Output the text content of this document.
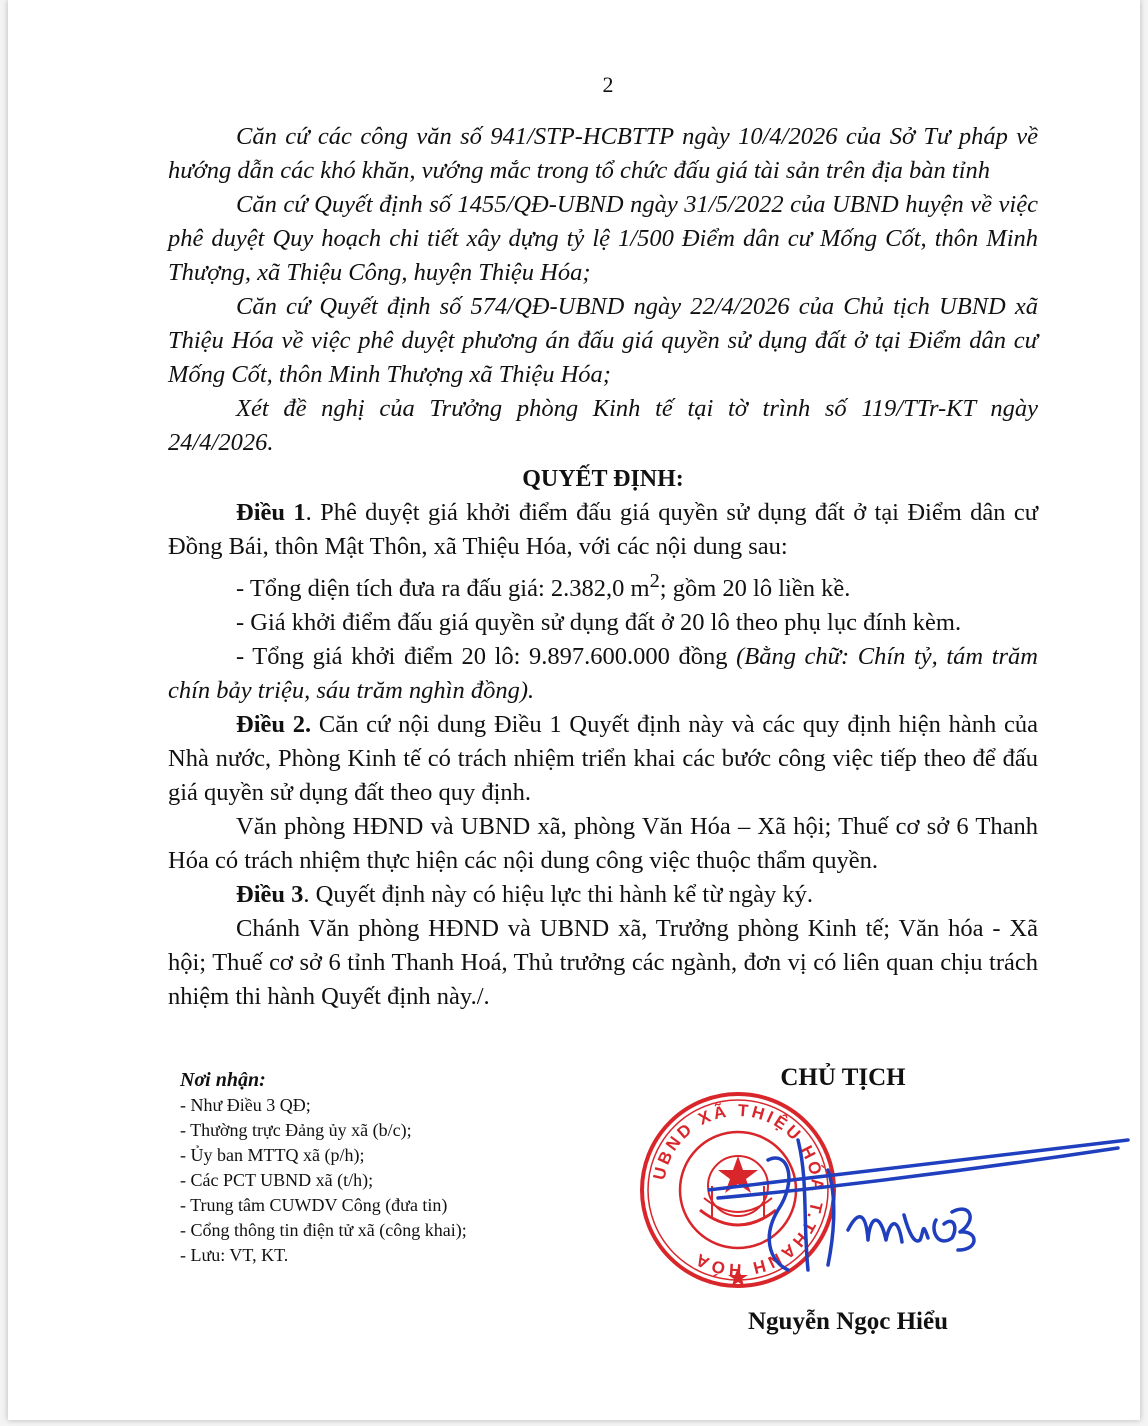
2

Căn cứ các công văn số 941/STP-HCBTTP ngày 10/4/2026 của Sở Tư pháp về hướng dẫn các khó khăn, vướng mắc trong tổ chức đấu giá tài sản trên địa bàn tỉnh

Căn cứ Quyết định số 1455/QĐ-UBND ngày 31/5/2022 của UBND huyện về việc phê duyệt Quy hoạch chi tiết xây dựng tỷ lệ 1/500 Điểm dân cư Mống Cốt, thôn Minh Thượng, xã Thiệu Công, huyện Thiệu Hóa;

Căn cứ Quyết định số 574/QĐ-UBND ngày 22/4/2026 của Chủ tịch UBND xã Thiệu Hóa về việc phê duyệt phương án đấu giá quyền sử dụng đất ở tại Điểm dân cư Mống Cốt, thôn Minh Thượng xã Thiệu Hóa;

Xét đề nghị của Trưởng phòng Kinh tế tại tờ trình số 119/TTr-KT ngày 24/4/2026.

QUYẾT ĐỊNH:

Điều 1. Phê duyệt giá khởi điểm đấu giá quyền sử dụng đất ở tại Điểm dân cư Đồng Bái, thôn Mật Thôn, xã Thiệu Hóa, với các nội dung sau:

- Tổng diện tích đưa ra đấu giá: 2.382,0 $m^2$; gồm 20 lô liền kề.

- Giá khởi điểm đấu giá quyền sử dụng đất ở 20 lô theo phụ lục đính kèm.

- Tổng giá khởi điểm 20 lô: 9.897.600.000 đồng (Bằng chữ: Chín tỷ, tám trăm chín bảy triệu, sáu trăm nghìn đồng).

Điều 2. Căn cứ nội dung Điều 1 Quyết định này và các quy định hiện hành của Nhà nước, Phòng Kinh tế có trách nhiệm triển khai các bước công việc tiếp theo để đấu giá quyền sử dụng đất theo quy định.

Văn phòng HĐND và UBND xã, phòng Văn Hóa – Xã hội; Thuế cơ sở 6 Thanh Hóa có trách nhiệm thực hiện các nội dung công việc thuộc thẩm quyền.

Điều 3. Quyết định này có hiệu lực thi hành kể từ ngày ký.

Chánh Văn phòng HĐND và UBND xã, Trưởng phòng Kinh tế; Văn hóa - Xã hội; Thuế cơ sở 6 tỉnh Thanh Hoá, Thủ trưởng các ngành, đơn vị có liên quan chịu trách nhiệm thi hành Quyết định này./.

Nơi nhận:
- Như Điều 3 QĐ;
- Thường trực Đảng ủy xã (b/c);
- Ủy ban MTTQ xã (p/h);
- Các PCT UBND xã (t/h);
- Trung tâm CUWDV Công (đưa tin)
- Cổng thông tin điện tử xã (công khai);
- Lưu: VT, KT.
CHỦ TỊCH
UBND XÃ THIỆU HÓA T.THANH HÓA
Nguyễn Ngọc Hiểu
